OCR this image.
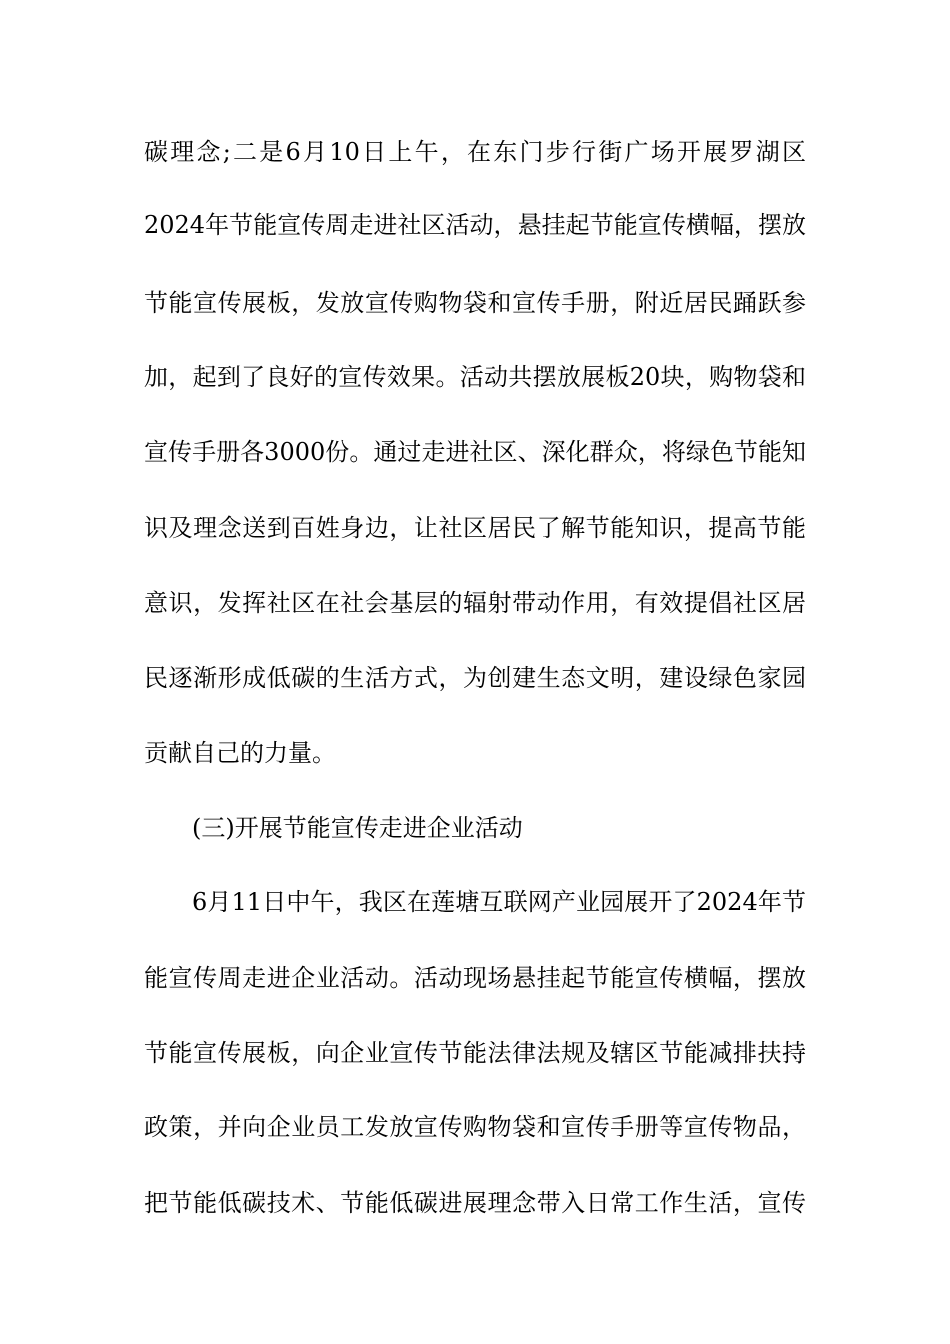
碳理念;二是6月10日上午，在东门步行街广场开展罗湖区
2024年节能宣传周走进社区活动，悬挂起节能宣传横幅，摆放
节能宣传展板，发放宣传购物袋和宣传手册，附近居民踊跃参
加，起到了良好的宣传效果。活动共摆放展板20块，购物袋和
宣传手册各3000份。通过走进社区、深化群众，将绿色节能知
识及理念送到百姓身边，让社区居民了解节能知识，提高节能
意识，发挥社区在社会基层的辐射带动作用，有效提倡社区居
民逐渐形成低碳的生活方式，为创建生态文明，建设绿色家园
贡献自己的力量。
(三)开展节能宣传走进企业活动
6月11日中午，我区在莲塘互联网产业园展开了2024年节
能宣传周走进企业活动。活动现场悬挂起节能宣传横幅，摆放
节能宣传展板，向企业宣传节能法律法规及辖区节能减排扶持
政策，并向企业员工发放宣传购物袋和宣传手册等宣传物品，
把节能低碳技术、节能低碳进展理念带入日常工作生活，宣传
